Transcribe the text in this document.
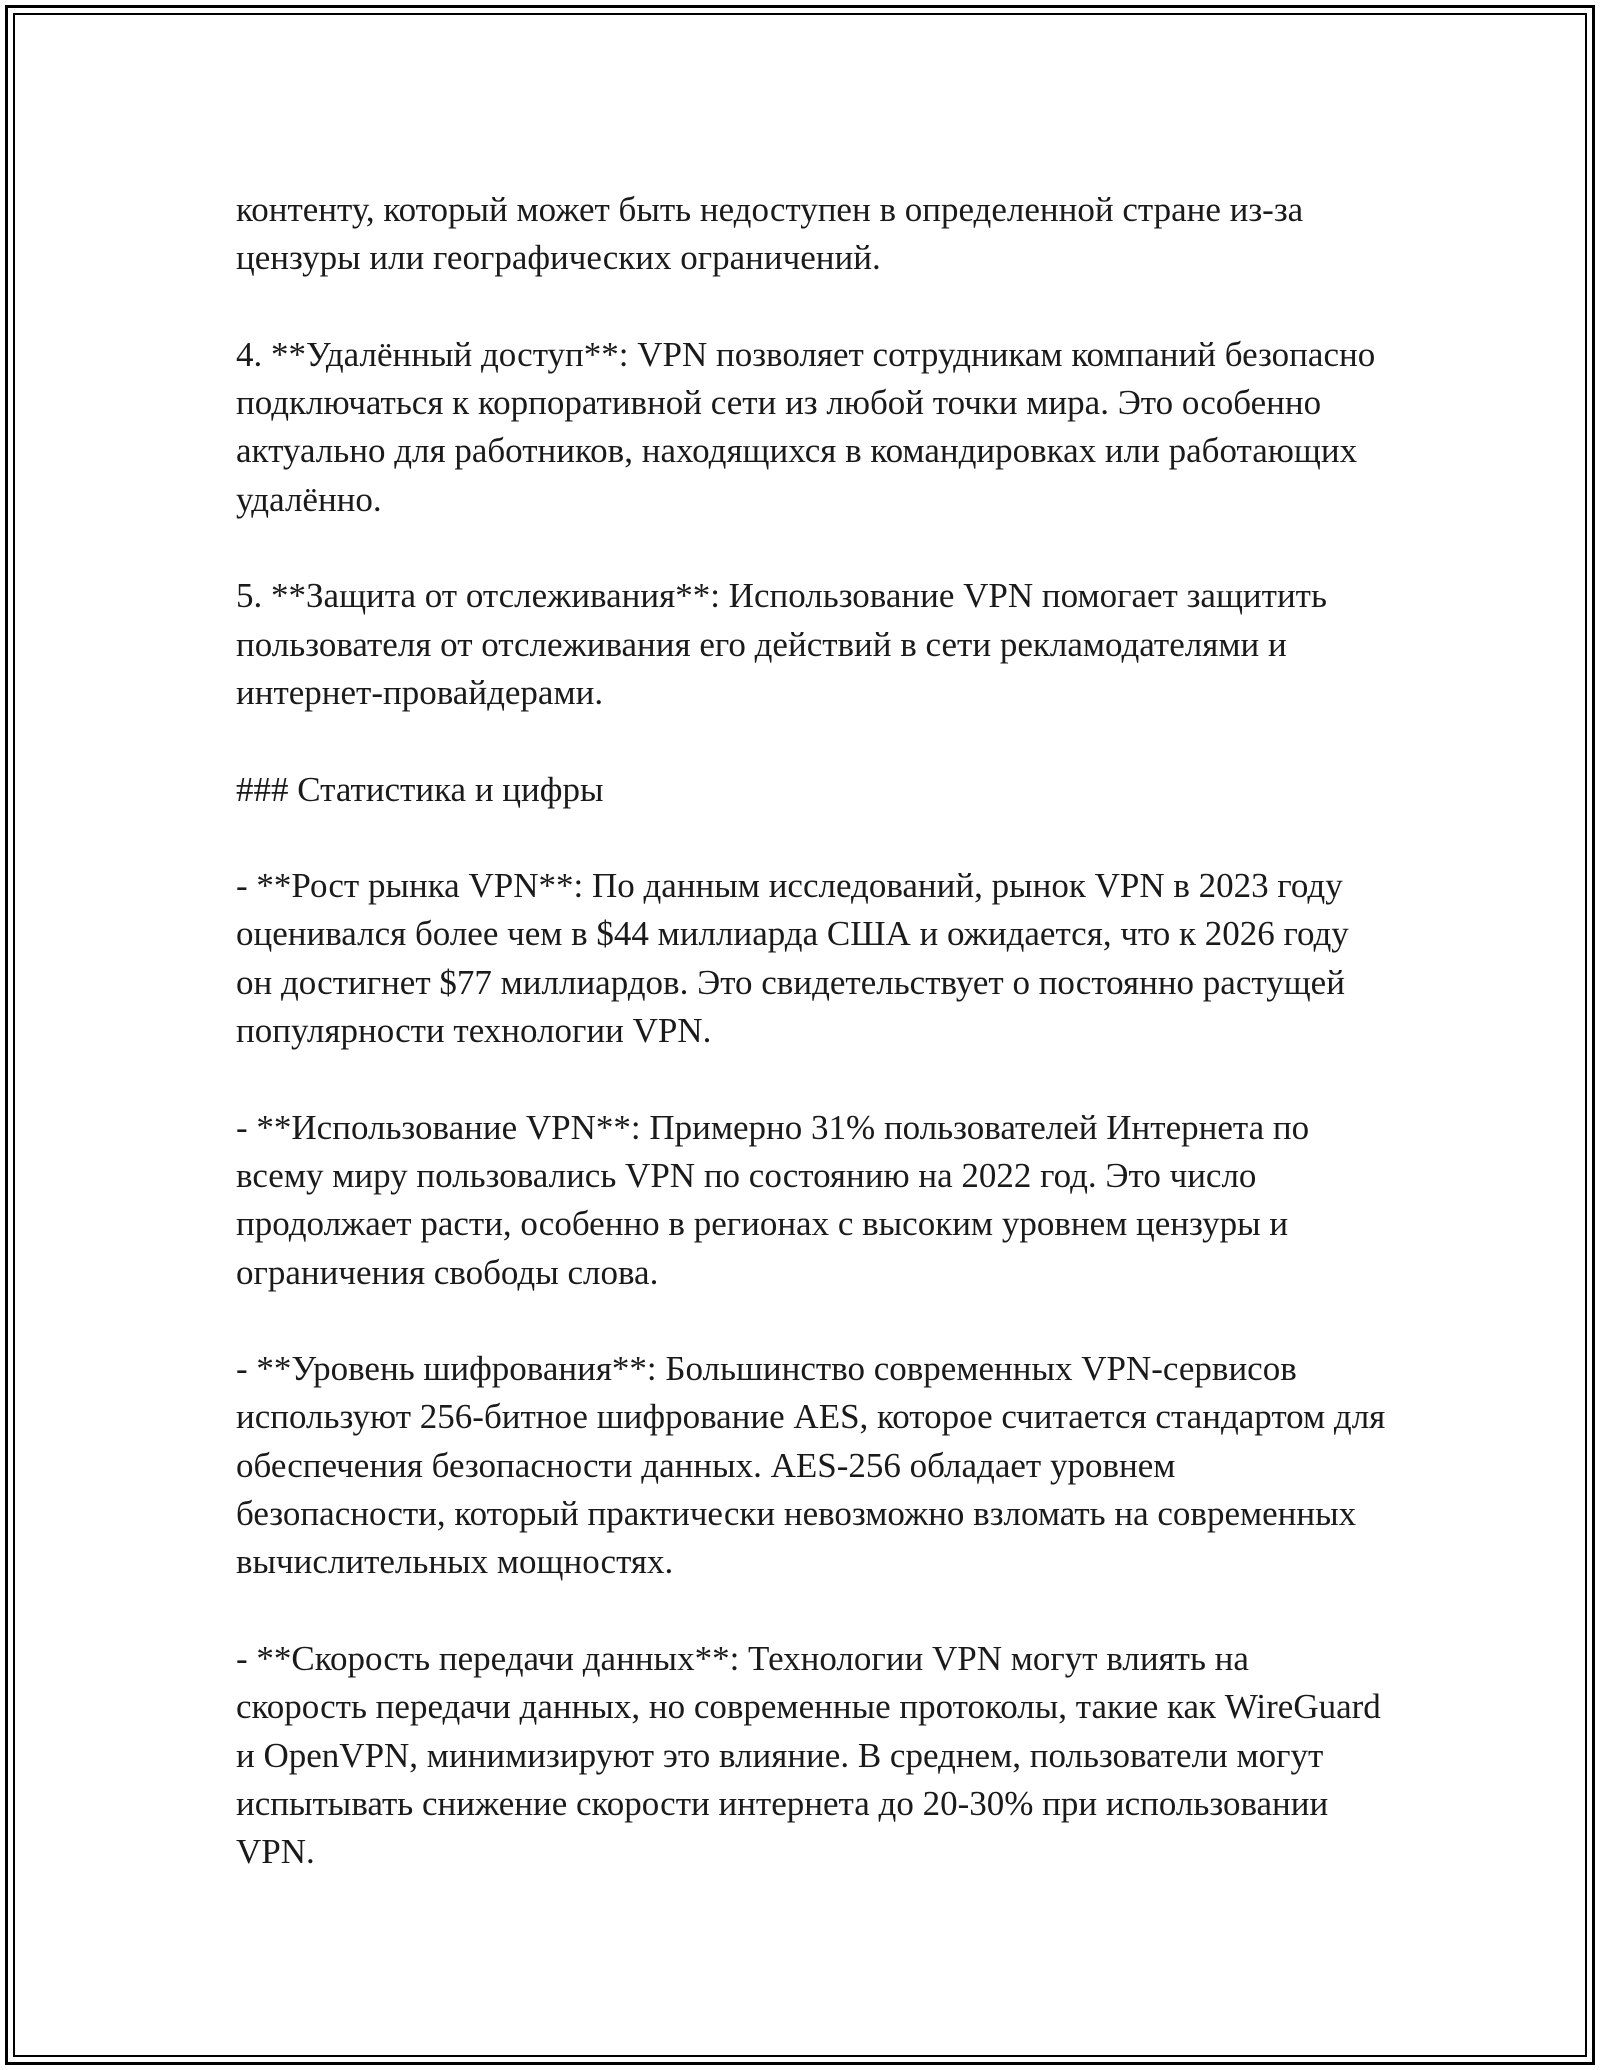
контенту, который может быть недоступен в определенной стране из-за цензуры или географических ограничений.

4. **Удалённый доступ**: VPN позволяет сотрудникам компаний безопасно подключаться к корпоративной сети из любой точки мира. Это особенно актуально для работников, находящихся в командировках или работающих удалённо.

5. **Защита от отслеживания**: Использование VPN помогает защитить пользователя от отслеживания его действий в сети рекламодателями и интернет-провайдерами.

### Статистика и цифры

- **Рост рынка VPN**: По данным исследований, рынок VPN в 2023 году оценивался более чем в $44 миллиарда США и ожидается, что к 2026 году он достигнет $77 миллиардов. Это свидетельствует о постоянно растущей популярности технологии VPN.

- **Использование VPN**: Примерно 31% пользователей Интернета по всему миру пользовались VPN по состоянию на 2022 год. Это число продолжает расти, особенно в регионах с высоким уровнем цензуры и ограничения свободы слова.

- **Уровень шифрования**: Большинство современных VPN-сервисов используют 256-битное шифрование AES, которое считается стандартом для обеспечения безопасности данных. AES-256 обладает уровнем безопасности, который практически невозможно взломать на современных вычислительных мощностях.

- **Скорость передачи данных**: Технологии VPN могут влиять на скорость передачи данных, но современные протоколы, такие как WireGuard и OpenVPN, минимизируют это влияние. В среднем, пользователи могут испытывать снижение скорости интернета до 20-30% при использовании VPN.
